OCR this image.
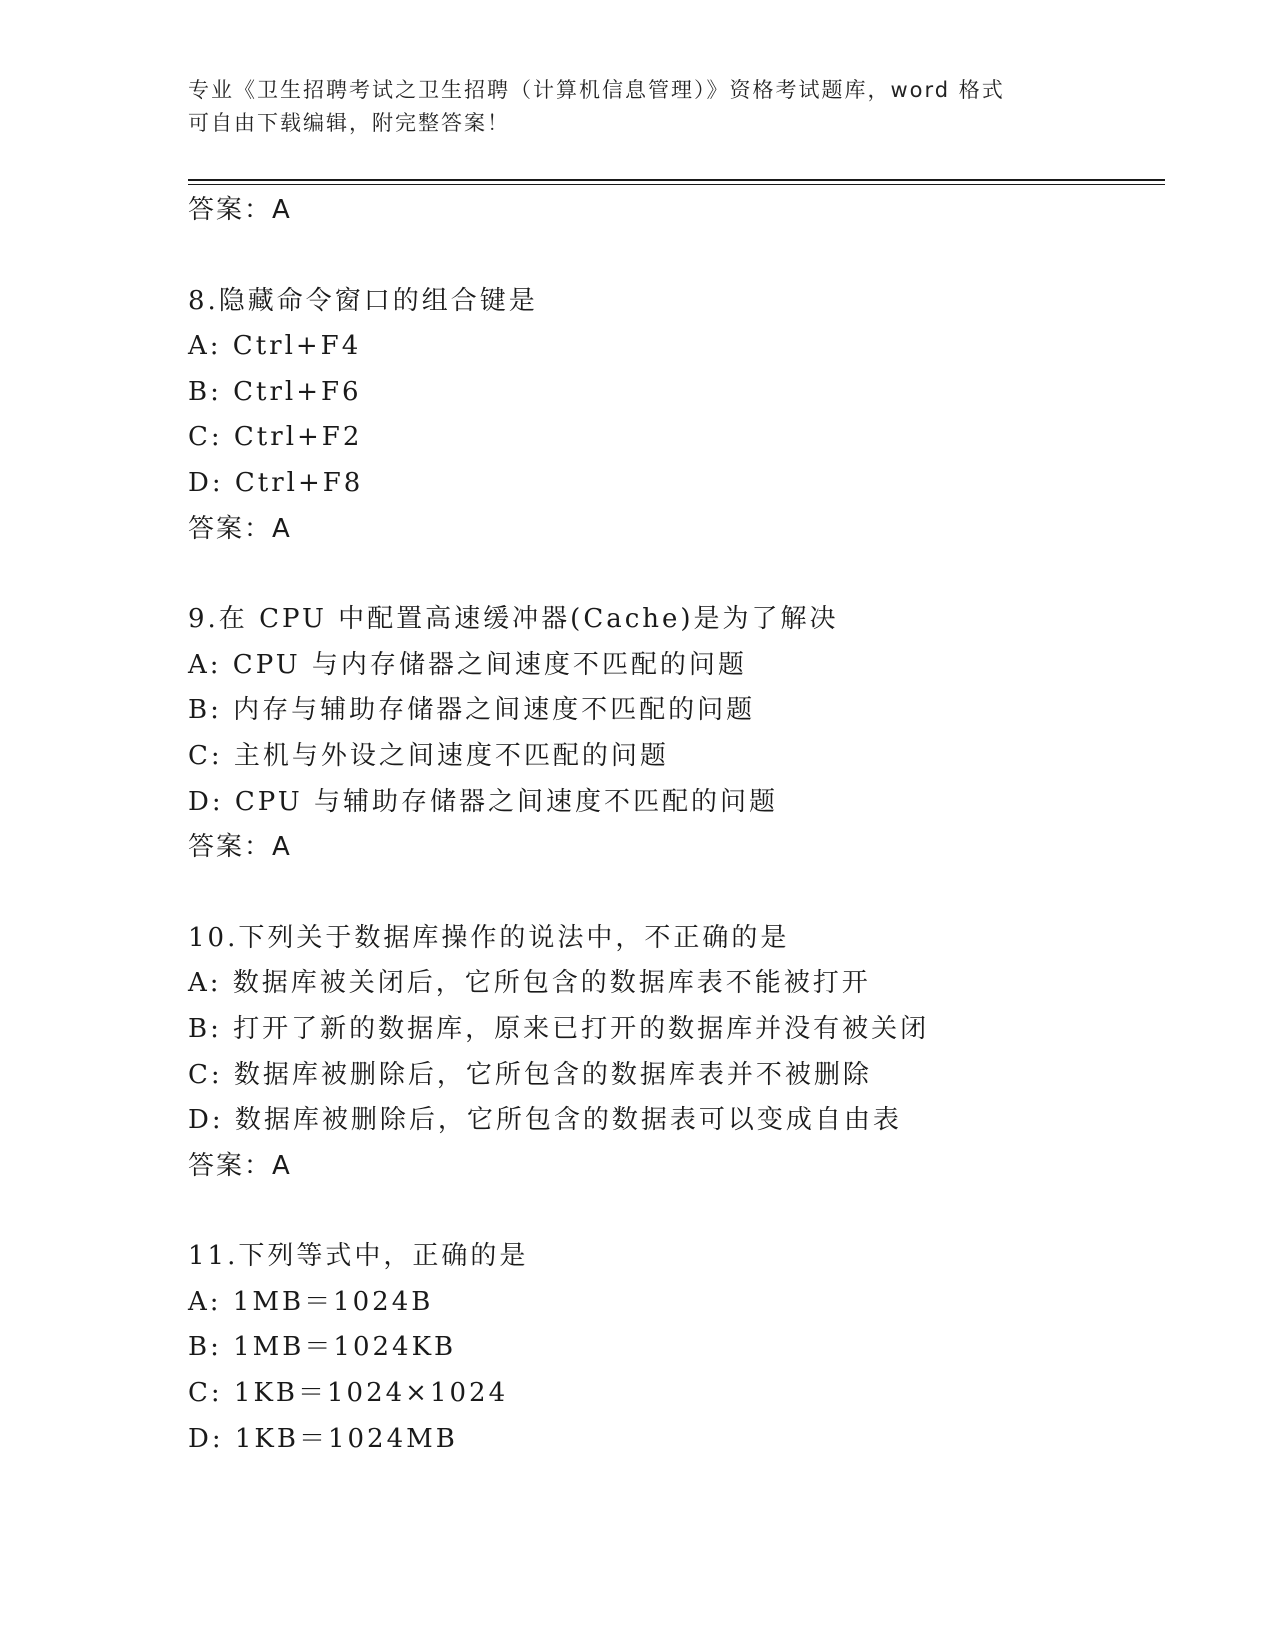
专业《卫生招聘考试之卫生招聘（计算机信息管理）》资格考试题库，word 格式
可自由下载编辑，附完整答案！
答案：A
8.隐藏命令窗口的组合键是
A: Ctrl+F4
B: Ctrl+F6
C: Ctrl+F2
D: Ctrl+F8
答案：A
9.在 CPU 中配置高速缓冲器(Cache)是为了解决
A: CPU 与内存储器之间速度不匹配的问题
B: 内存与辅助存储器之间速度不匹配的问题
C: 主机与外设之间速度不匹配的问题
D: CPU 与辅助存储器之间速度不匹配的问题
答案：A
10.下列关于数据库操作的说法中，不正确的是
A: 数据库被关闭后，它所包含的数据库表不能被打开
B: 打开了新的数据库，原来已打开的数据库并没有被关闭
C: 数据库被删除后，它所包含的数据库表并不被删除
D: 数据库被删除后，它所包含的数据表可以变成自由表
答案：A
11.下列等式中，正确的是
A: 1MB＝1024B
B: 1MB＝1024KB
C: 1KB＝1024×1024
D: 1KB＝1024MB
